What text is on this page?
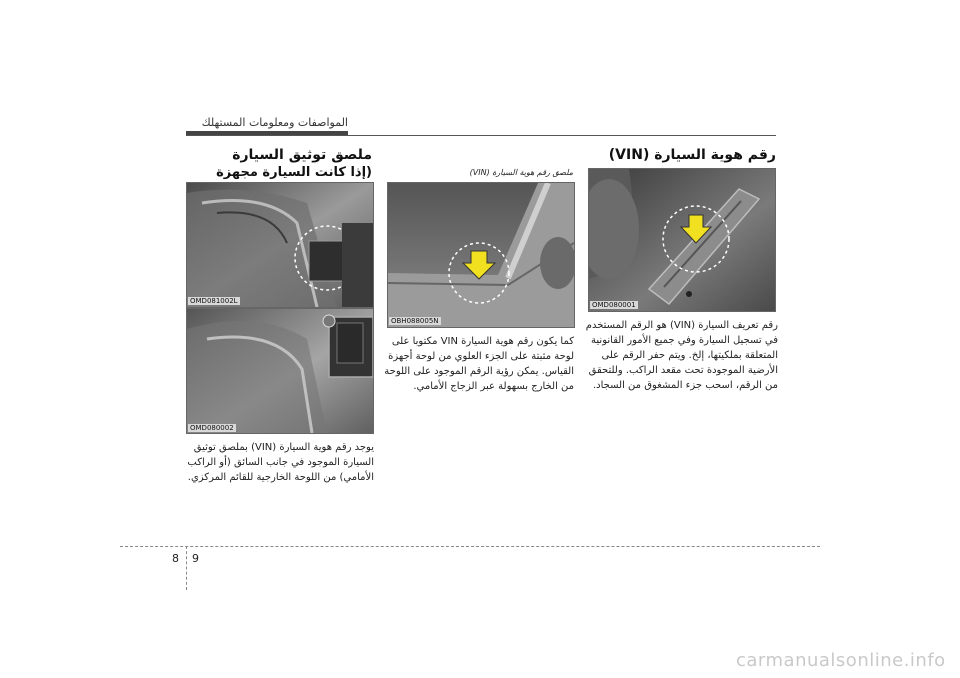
المواصفات ومعلومات المستهلك
ملصق توثيق السيارة
(إذا كانت السيارة مجهزة
OMD081002L
OMD080002
يوجد رقم هوية السيارة (VIN) بملصق توثيق السيارة الموجود في جانب السائق (أو الراكب الأمامي) من اللوحة الخارجية للقائم المركزي.
ملصق رقم هوية السيارة (VIN)
OBH088005N
كما يكون رقم هوية السيارة VIN مكتوبا على لوحة مثبتة على الجزء العلوي من لوحة أجهزة القياس. يمكن رؤية الرقم الموجود على اللوحة من الخارج بسهولة عبر الزجاج الأمامي.
رقم هوية السيارة (VIN)
OMD080001
رقم تعريف السيارة (VIN) هو الرقم المستخدم في تسجيل السيارة وفي جميع الأمور القانونية المتعلقة بملكيتها، إلخ. ويتم حفر الرقم على الأرضية الموجودة تحت مقعد الراكب. وللتحقق من الرقم، اسحب جزء المشغوق من السجاد.
8 9
carmanualsonline.info
